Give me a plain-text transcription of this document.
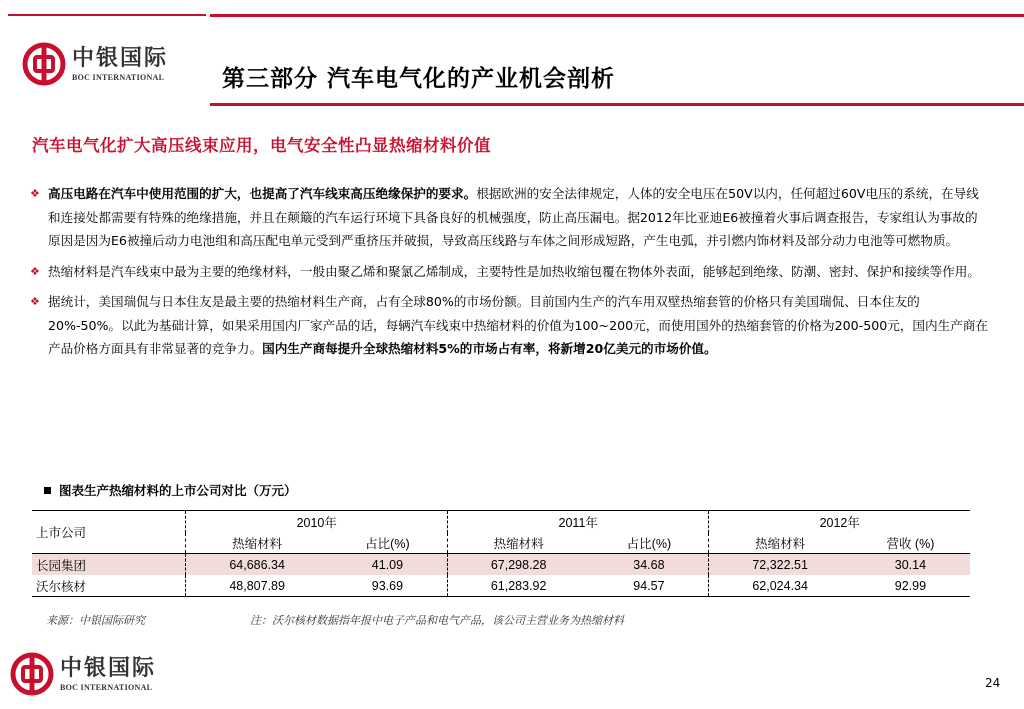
中银国际
BOC INTERNATIONAL	第三部分 汽车电气化的产业机会剖析
汽车电气化扩大高压线束应用，电气安全性凸显热缩材料价值
❖ 高压电路在汽车中使用范围的扩大，也提高了汽车线束高压绝缘保护的要求。根据欧洲的安全法律规定，人体的安全电压在50V以内，任何超过60V电压的系统，在导线和连接处都需要有特殊的绝缘措施，并且在颠簸的汽车运行环境下具备良好的机械强度，防止高压漏电。据2012年比亚迪E6被撞着火事后调查报告，专家组认为事故的原因是因为E6被撞后动力电池组和高压配电单元受到严重挤压并破损，导致高压线路与车体之间形成短路，产生电弧，并引燃内饰材料及部分动力电池等可燃物质。
❖ 热缩材料是汽车线束中最为主要的绝缘材料，一般由聚乙烯和聚氯乙烯制成，主要特性是加热收缩包覆在物体外表面，能够起到绝缘、防潮、密封、保护和接续等作用。
❖ 据统计，美国瑞侃与日本住友是最主要的热缩材料生产商，占有全球80%的市场份额。目前国内生产的汽车用双壁热缩套管的价格只有美国瑞侃、日本住友的20%-50%。以此为基础计算，如果采用国内厂家产品的话，每辆汽车线束中热缩材料的价值为100~200元，而使用国外的热缩套管的价格为200-500元，国内生产商在产品价格方面具有非常显著的竞争力。国内生产商每提升全球热缩材料5%的市场占有率，将新增20亿美元的市场价值。
图表生产热缩材料的上市公司对比（万元）
上市公司	2010年		2011年		2012年	
	热缩材料	占比(%)	热缩材料	占比(%)	热缩材料	营收 (%)
长园集团	64,686.34	41.09	67,298.28	34.68	72,322.51	30.14
沃尔核材	48,807.89	93.69	61,283.92	94.57	62,024.34	92.99
来源：中银国际研究	注：沃尔核材数据指年报中电子产品和电气产品，该公司主营业务为热缩材料
中银国际
BOC INTERNATIONAL	24
